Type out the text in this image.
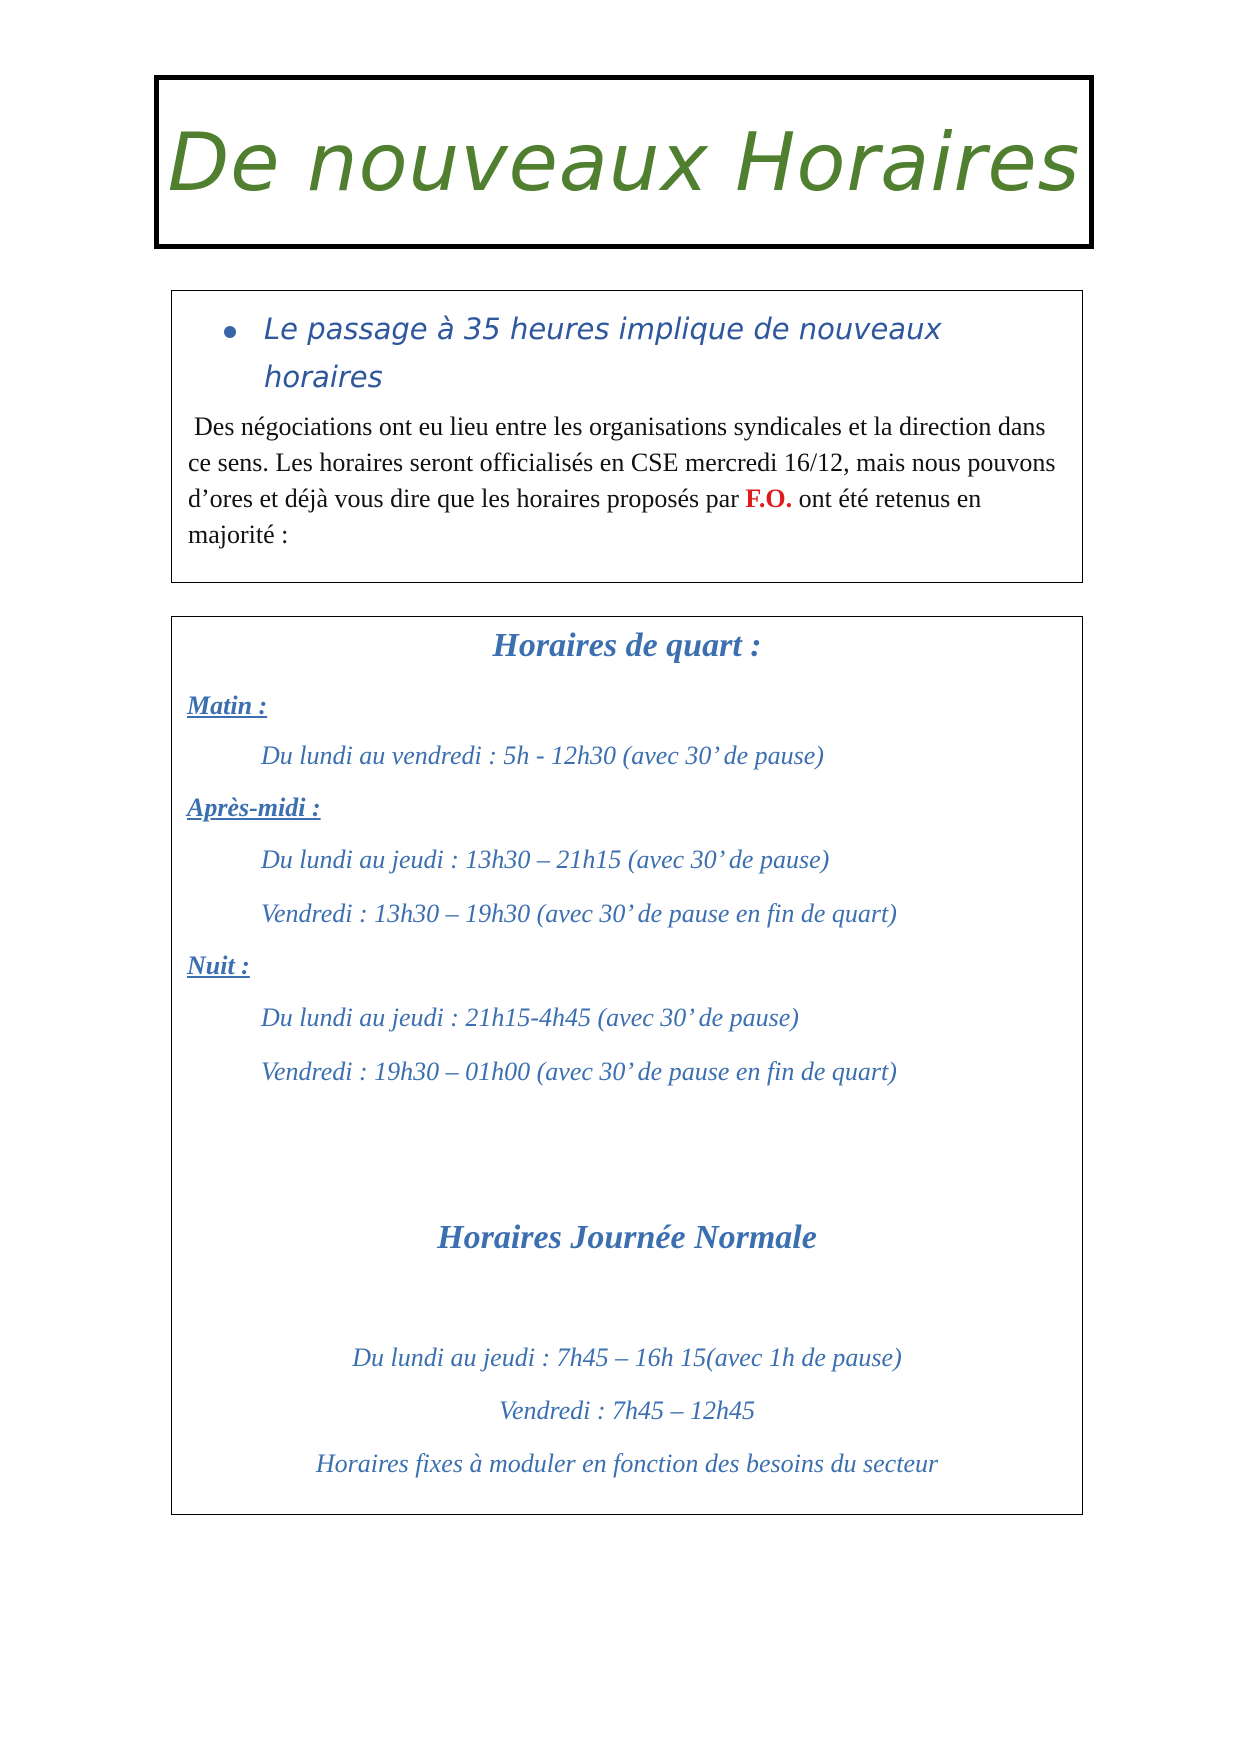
De nouveaux Horaires
Le passage à 35 heures implique de nouveaux horaires
Des négociations ont eu lieu entre les organisations syndicales et la direction dans ce sens. Les horaires seront officialisés en CSE mercredi 16/12, mais nous pouvons d’ores et déjà vous dire que les horaires proposés par F.O. ont été retenus en majorité :
Horaires de quart :
Matin :
Du lundi au vendredi : 5h - 12h30 (avec 30’ de pause)
Après-midi :
Du lundi au jeudi : 13h30 – 21h15 (avec 30’ de pause)
Vendredi : 13h30 – 19h30 (avec 30’ de pause en fin de quart)
Nuit :
Du lundi au jeudi : 21h15-4h45 (avec 30’ de pause)
Vendredi : 19h30 – 01h00 (avec 30’ de pause en fin de quart)
Horaires Journée Normale
Du lundi au jeudi : 7h45 – 16h 15(avec 1h de pause)
Vendredi : 7h45 – 12h45
Horaires fixes à moduler en fonction des besoins du secteur
